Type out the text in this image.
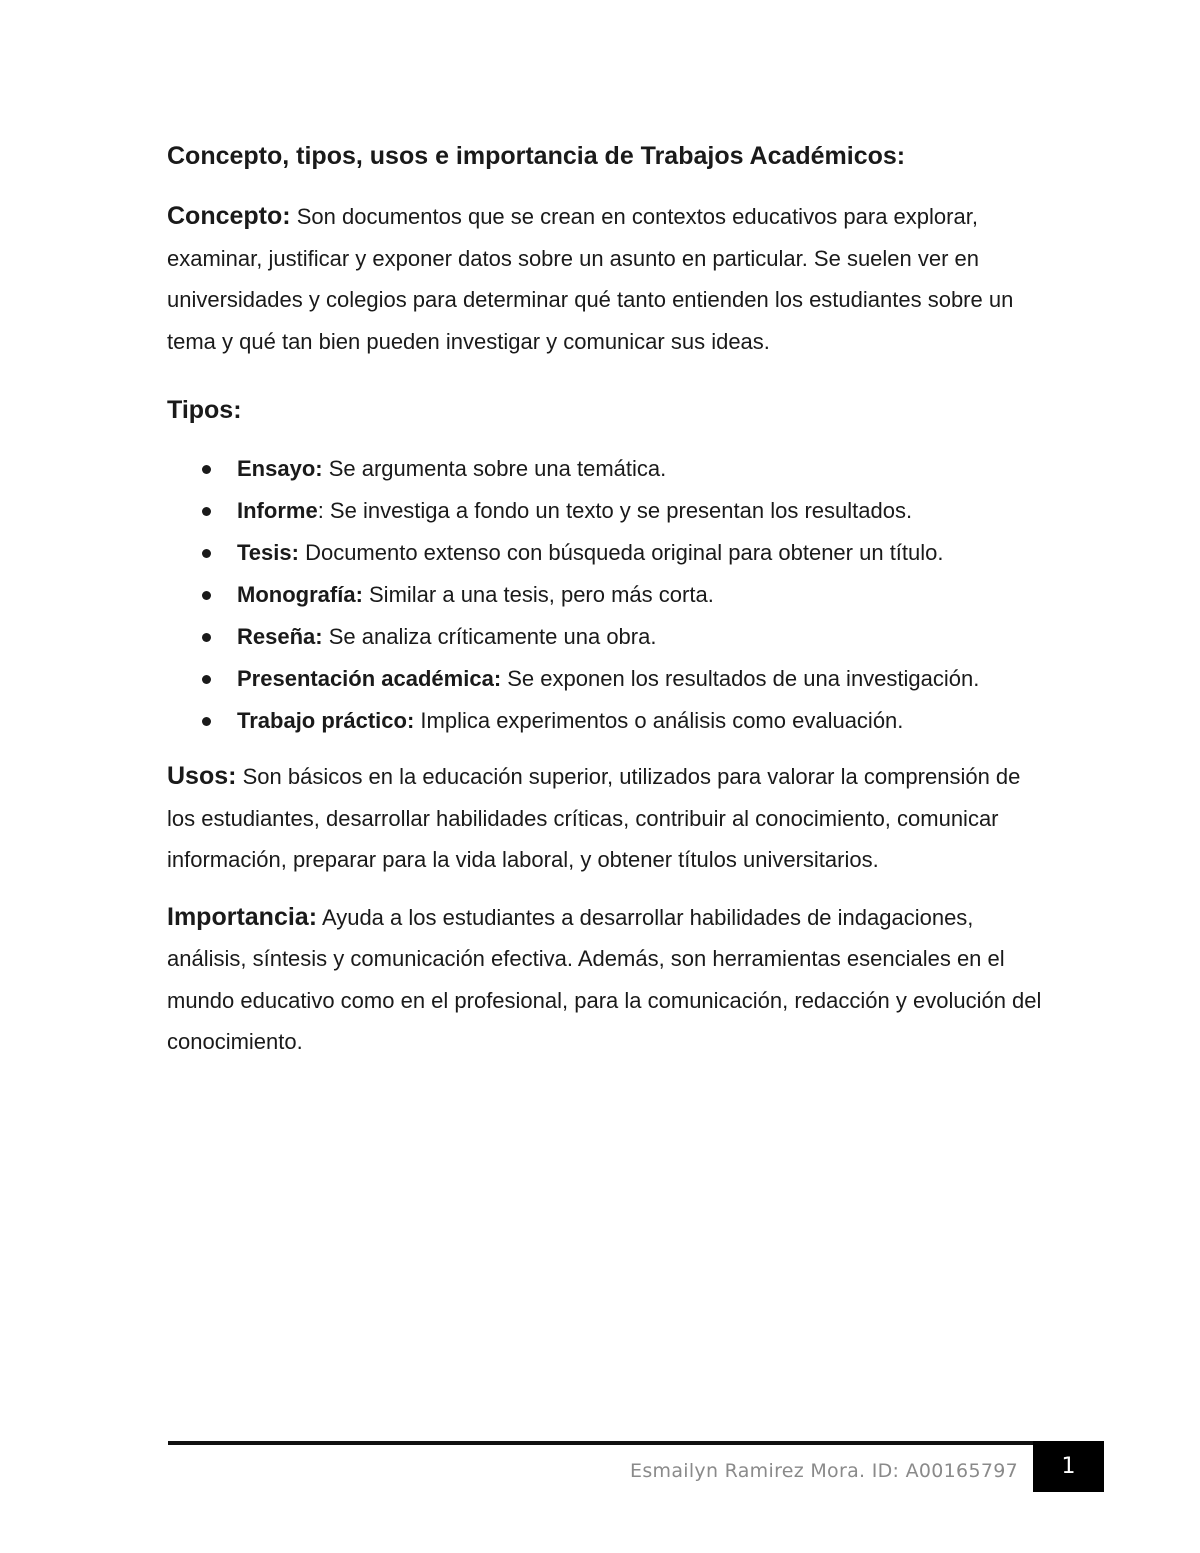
Concepto, tipos, usos e importancia de Trabajos Académicos:

Concepto: Son documentos que se crean en contextos educativos para explorar, examinar, justificar y exponer datos sobre un asunto en particular. Se suelen ver en universidades y colegios para determinar qué tanto entienden los estudiantes sobre un tema y qué tan bien pueden investigar y comunicar sus ideas.

Tipos:
Ensayo: Se argumenta sobre una temática.
Informe: Se investiga a fondo un texto y se presentan los resultados.
Tesis: Documento extenso con búsqueda original para obtener un título.
Monografía: Similar a una tesis, pero más corta.
Reseña: Se analiza críticamente una obra.
Presentación académica: Se exponen los resultados de una investigación.
Trabajo práctico: Implica experimentos o análisis como evaluación.

Usos: Son básicos en la educación superior, utilizados para valorar la comprensión de los estudiantes, desarrollar habilidades críticas, contribuir al conocimiento, comunicar información, preparar para la vida laboral, y obtener títulos universitarios.

Importancia: Ayuda a los estudiantes a desarrollar habilidades de indagaciones, análisis, síntesis y comunicación efectiva. Además, son herramientas esenciales en el mundo educativo como en el profesional, para la comunicación, redacción y evolución del conocimiento.

Esmailyn Ramirez Mora. ID: A00165797	1
